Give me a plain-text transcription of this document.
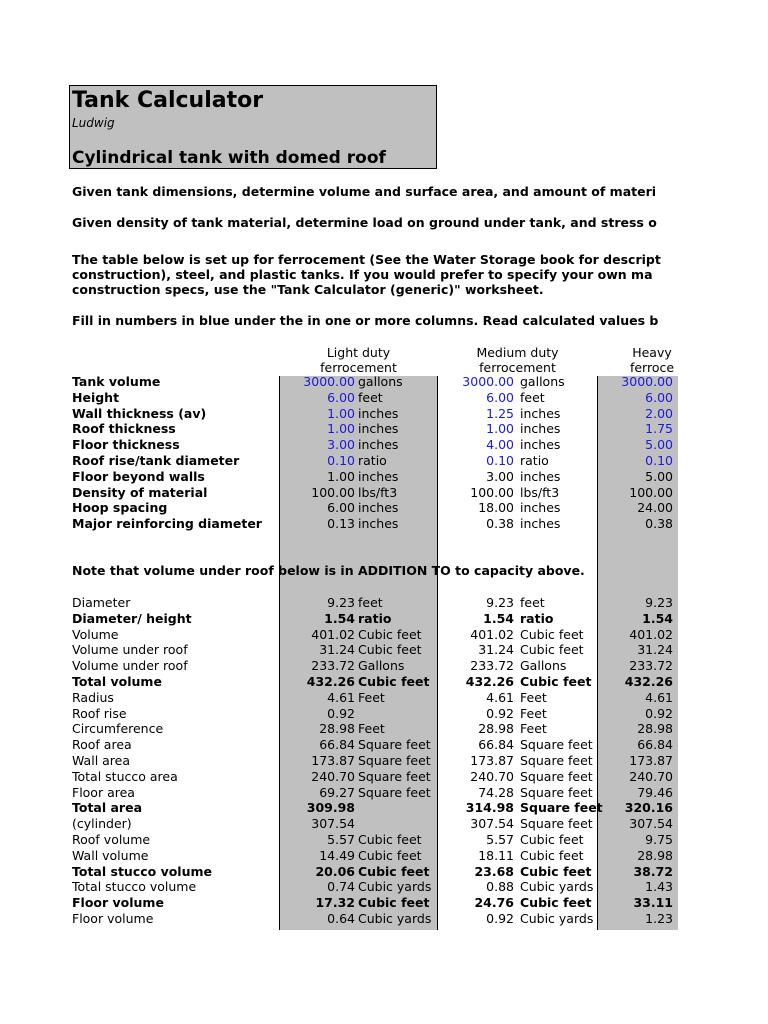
Tank Calculator
Ludwig
Cylindrical tank with domed roof
Given tank dimensions, determine volume and surface area, and amount of materi
Given density of tank material, determine load on ground under tank, and stress o
The table below is set up for ferrocement (See the Water Storage book for descript
construction), steel, and plastic tanks. If you would prefer to specify your own ma
construction specs, use the "Tank Calculator (generic)" worksheet.
Fill in numbers in blue under the in one or more columns. Read calculated values b
Light duty
ferrocement
Medium duty
ferrocement
Heavy
ferroce
Tank volume	3000.00 gallons	3000.00 gallons	3000.00
Height	6.00 feet	6.00 feet	6.00
Wall thickness (av)	1.00 inches	1.25 inches	2.00
Roof thickness	1.00 inches	1.00 inches	1.75
Floor thickness	3.00 inches	4.00 inches	5.00
Roof rise/tank diameter	0.10 ratio	0.10 ratio	0.10
Floor beyond walls	1.00 inches	3.00 inches	5.00
Density of material	100.00 lbs/ft3	100.00 lbs/ft3	100.00
Hoop spacing	6.00 inches	18.00 inches	24.00
Major reinforcing diameter	0.13 inches	0.38 inches	0.38
Note that volume under roof below is in ADDITION TO to capacity above.
Diameter	9.23 feet	9.23 feet	9.23
Diameter/ height	1.54 ratio	1.54 ratio	1.54
Volume	401.02 Cubic feet	401.02 Cubic feet	401.02
Volume under roof	31.24 Cubic feet	31.24 Cubic feet	31.24
Volume under roof	233.72 Gallons	233.72 Gallons	233.72
Total volume	432.26 Cubic feet	432.26 Cubic feet	432.26
Radius	4.61 Feet	4.61 Feet	4.61
Roof rise	0.92	0.92 Feet	0.92
Circumference	28.98 Feet	28.98 Feet	28.98
Roof area	66.84 Square feet	66.84 Square feet	66.84
Wall area	173.87 Square feet	173.87 Square feet	173.87
Total stucco area	240.70 Square feet	240.70 Square feet	240.70
Floor area	69.27 Square feet	74.28 Square feet	79.46
Total area	309.98	314.98 Square feet	320.16
(cylinder)	307.54	307.54 Square feet	307.54
Roof volume	5.57 Cubic feet	5.57 Cubic feet	9.75
Wall volume	14.49 Cubic feet	18.11 Cubic feet	28.98
Total stucco volume	20.06 Cubic feet	23.68 Cubic feet	38.72
Total stucco volume	0.74 Cubic yards	0.88 Cubic yards	1.43
Floor volume	17.32 Cubic feet	24.76 Cubic feet	33.11
Floor volume	0.64 Cubic yards	0.92 Cubic yards	1.23
